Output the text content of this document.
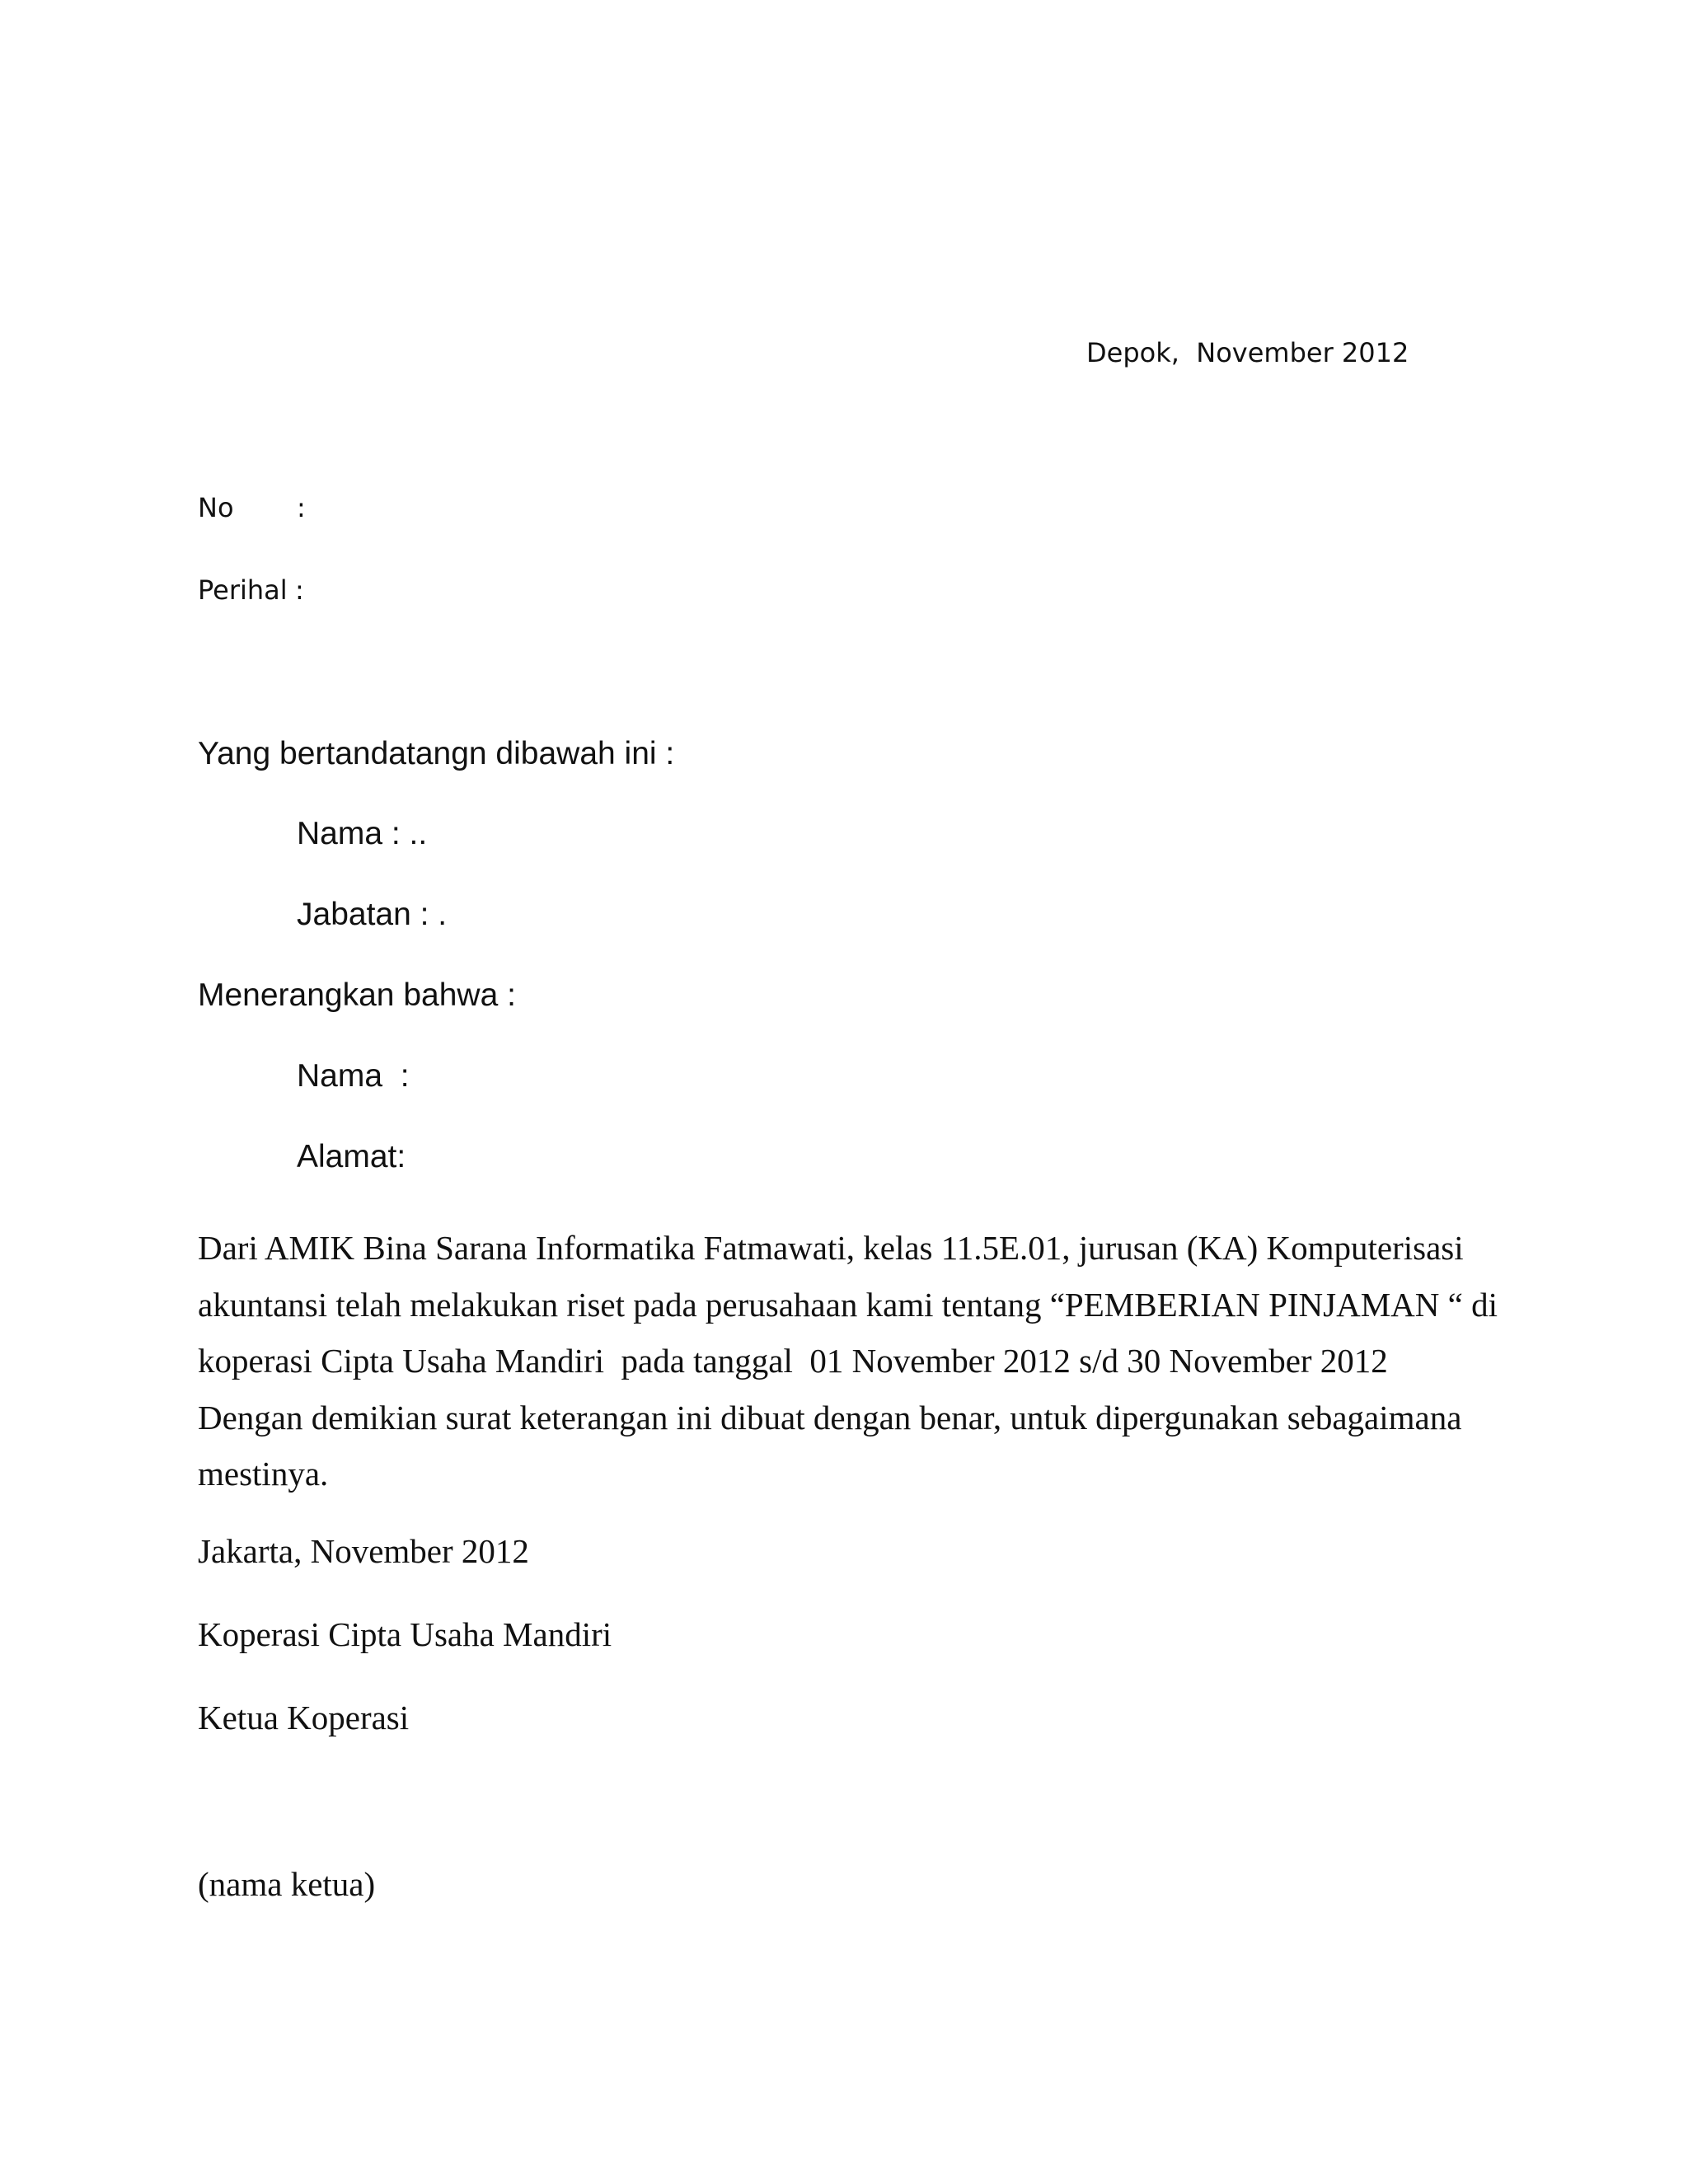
Depok,  November 2012
No :
Perihal :
Yang bertandatangn dibawah ini :
Nama : ..
Jabatan : .
Menerangkan bahwa :
Nama  :
Alamat:
Dari AMIK Bina Sarana Informatika Fatmawati, kelas 11.5E.01, jurusan (KA) Komputerisasi
akuntansi telah melakukan riset pada perusahaan kami tentang “PEMBERIAN PINJAMAN “ di
koperasi Cipta Usaha Mandiri  pada tanggal  01 November 2012 s/d 30 November 2012
Dengan demikian surat keterangan ini dibuat dengan benar, untuk dipergunakan sebagaimana
mestinya.
Jakarta, November 2012
Koperasi Cipta Usaha Mandiri
Ketua Koperasi
(nama ketua)
